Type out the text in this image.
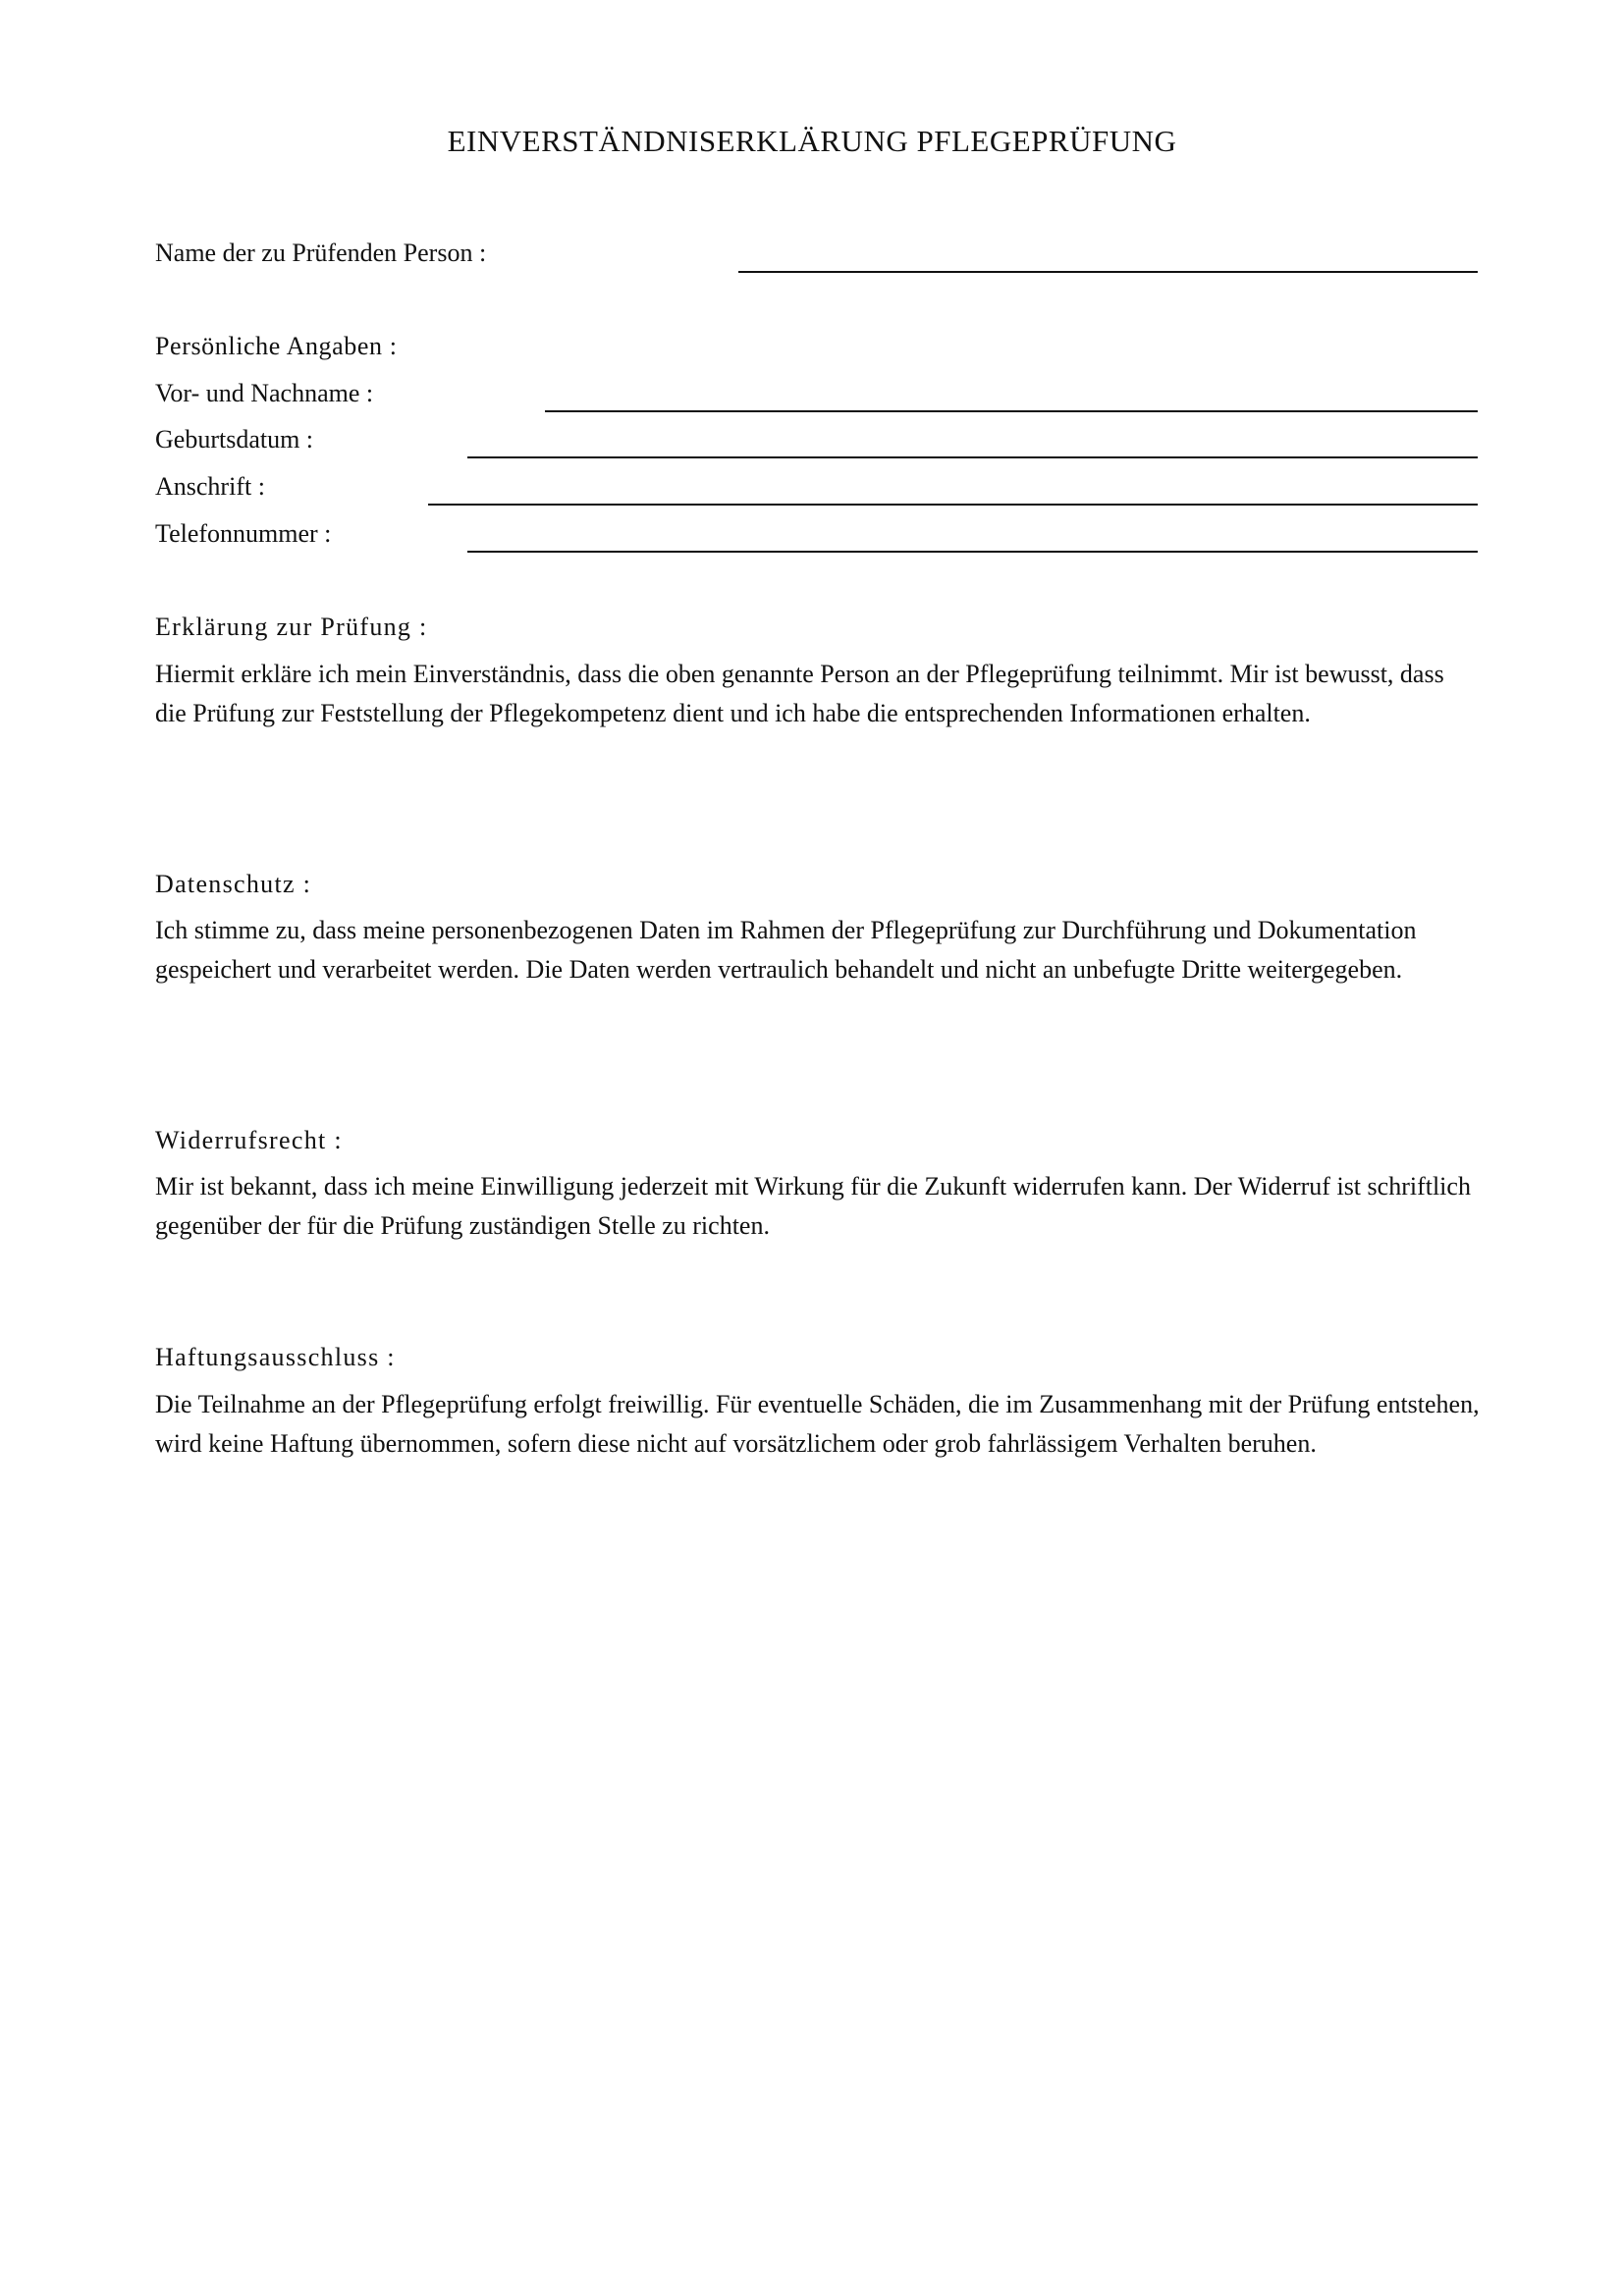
EINVERSTÄNDNISERKLÄRUNG PFLEGEPRÜFUNG

Name der zu Prüfenden Person :

Persönliche Angaben :

Vor- und Nachname :

Geburtsdatum :

Anschrift :

Telefonnummer :

Erklärung zur Prüfung :

Hiermit erkläre ich mein Einverständnis, dass die oben genannte Person an der Pflegeprüfung teilnimmt. Mir ist bewusst, dass die Prüfung zur Feststellung der Pflegekompetenz dient und ich habe die entsprechenden Informationen erhalten.

Datenschutz :

Ich stimme zu, dass meine personenbezogenen Daten im Rahmen der Pflegeprüfung zur Durchführung und Dokumentation gespeichert und verarbeitet werden. Die Daten werden vertraulich behandelt und nicht an unbefugte Dritte weitergegeben.

Widerrufsrecht :

Mir ist bekannt, dass ich meine Einwilligung jederzeit mit Wirkung für die Zukunft widerrufen kann. Der Widerruf ist schriftlich gegenüber der für die Prüfung zuständigen Stelle zu richten.

Haftungsausschluss :

Die Teilnahme an der Pflegeprüfung erfolgt freiwillig. Für eventuelle Schäden, die im Zusammenhang mit der Prüfung entstehen, wird keine Haftung übernommen, sofern diese nicht auf vorsätzlichem oder grob fahrlässigem Verhalten beruhen.
